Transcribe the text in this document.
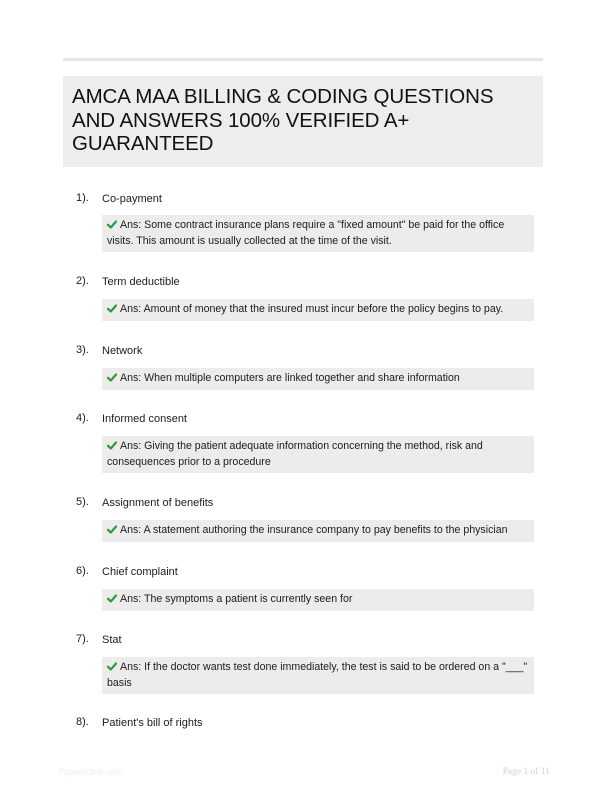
AMCA MAA BILLING & CODING QUESTIONS AND ANSWERS 100% VERIFIED A+ GUARANTEED
1). Co-payment
Ans: Some contract insurance plans require a "fixed amount" be paid for the office visits. This amount is usually collected at the time of the visit.
2). Term deductible
Ans: Amount of money that the insured must incur before the policy begins to pay.
3). Network
Ans: When multiple computers are linked together and share information
4). Informed consent
Ans: Giving the patient adequate information concerning the method, risk and consequences prior to a procedure
5). Assignment of benefits
Ans: A statement authoring the insurance company to pay benefits to the physician
6). Chief complaint
Ans: The symptoms a patient is currently seen for
7). Stat
Ans: If the doctor wants test done immediately, the test is said to be ordered on a "___" basis
8). Patient's bill of rights
Papers0bie.com	Page 1 of 11
